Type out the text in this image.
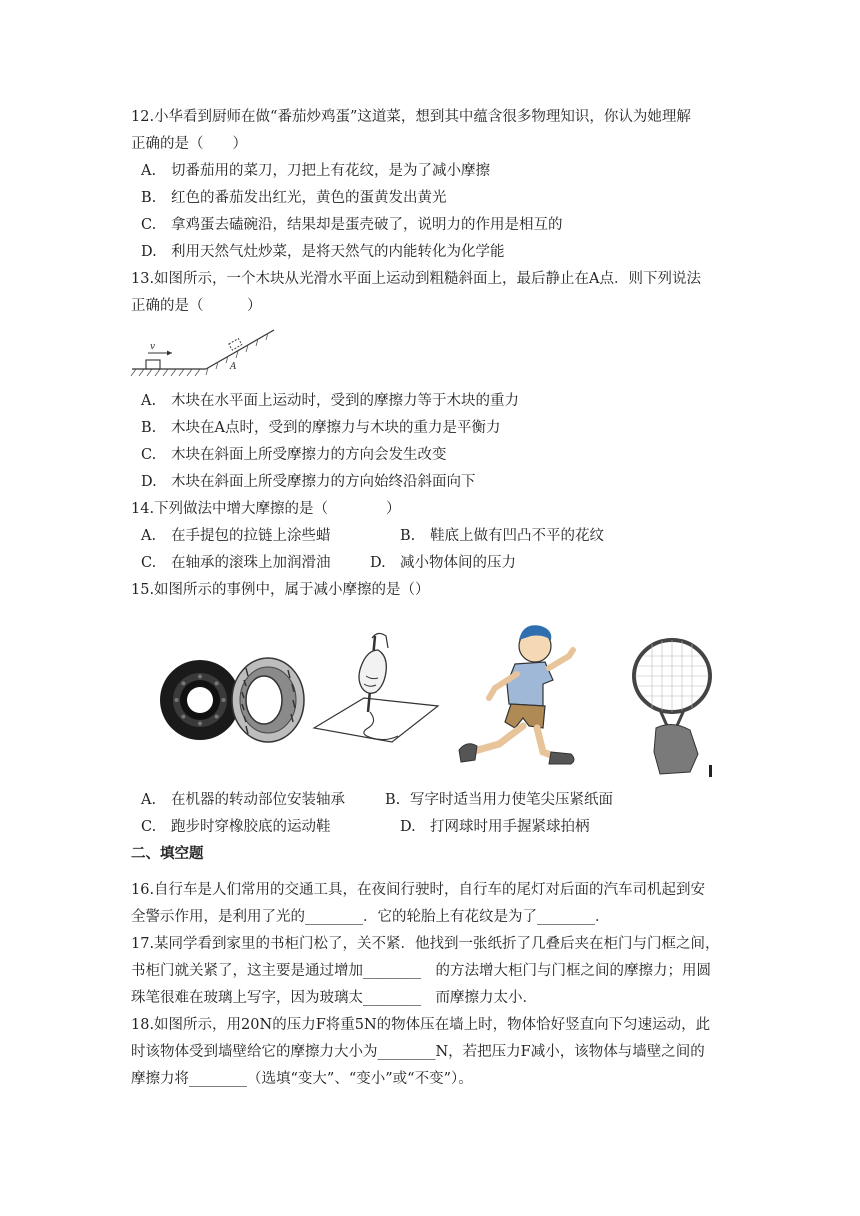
12.小华看到厨师在做“番茄炒鸡蛋”这道菜，想到其中蕴含很多物理知识，你认为她理解
正确的是（　　）
A. 切番茄用的菜刀，刀把上有花纹，是为了减小摩擦
B. 红色的番茄发出红光，黄色的蛋黄发出黄光
C. 拿鸡蛋去磕碗沿，结果却是蛋壳破了，说明力的作用是相互的
D. 利用天然气灶炒菜，是将天然气的内能转化为化学能
13.如图所示，一个木块从光滑水平面上运动到粗糙斜面上，最后静止在A点．则下列说法
正确的是（　　　）
v
A
A. 木块在水平面上运动时，受到的摩擦力等于木块的重力
B. 木块在A点时，受到的摩擦力与木块的重力是平衡力
C. 木块在斜面上所受摩擦力的方向会发生改变
D. 木块在斜面上所受摩擦力的方向始终沿斜面向下
14.下列做法中增大摩擦的是（　　　　）
A. 在手提包的拉链上涂些蜡	B. 鞋底上做有凹凸不平的花纹
C. 在轴承的滚珠上加润滑油	D. 减小物体间的压力
15.如图所示的事例中，属于减小摩擦的是（）
A. 在机器的转动部位安装轴承	B. 写字时适当用力使笔尖压紧纸面
C. 跑步时穿橡胶底的运动鞋	D. 打网球时用手握紧球拍柄
二、填空题
16.自行车是人们常用的交通工具，在夜间行驶时，自行车的尾灯对后面的汽车司机起到安
全警示作用，是利用了光的________．它的轮胎上有花纹是为了________．
17.某同学看到家里的书柜门松了，关不紧．他找到一张纸折了几叠后夹在柜门与门框之间，
书柜门就关紧了，这主要是通过增加________　的方法增大柜门与门框之间的摩擦力；用圆
珠笔很难在玻璃上写字，因为玻璃太________　而摩擦力太小．
18.如图所示，用20N的压力F将重5N的物体压在墙上时，物体恰好竖直向下匀速运动，此
时该物体受到墙壁给它的摩擦力大小为________N，若把压力F减小，该物体与墙壁之间的
摩擦力将________（选填“变大”、“变小”或“不变”）。
